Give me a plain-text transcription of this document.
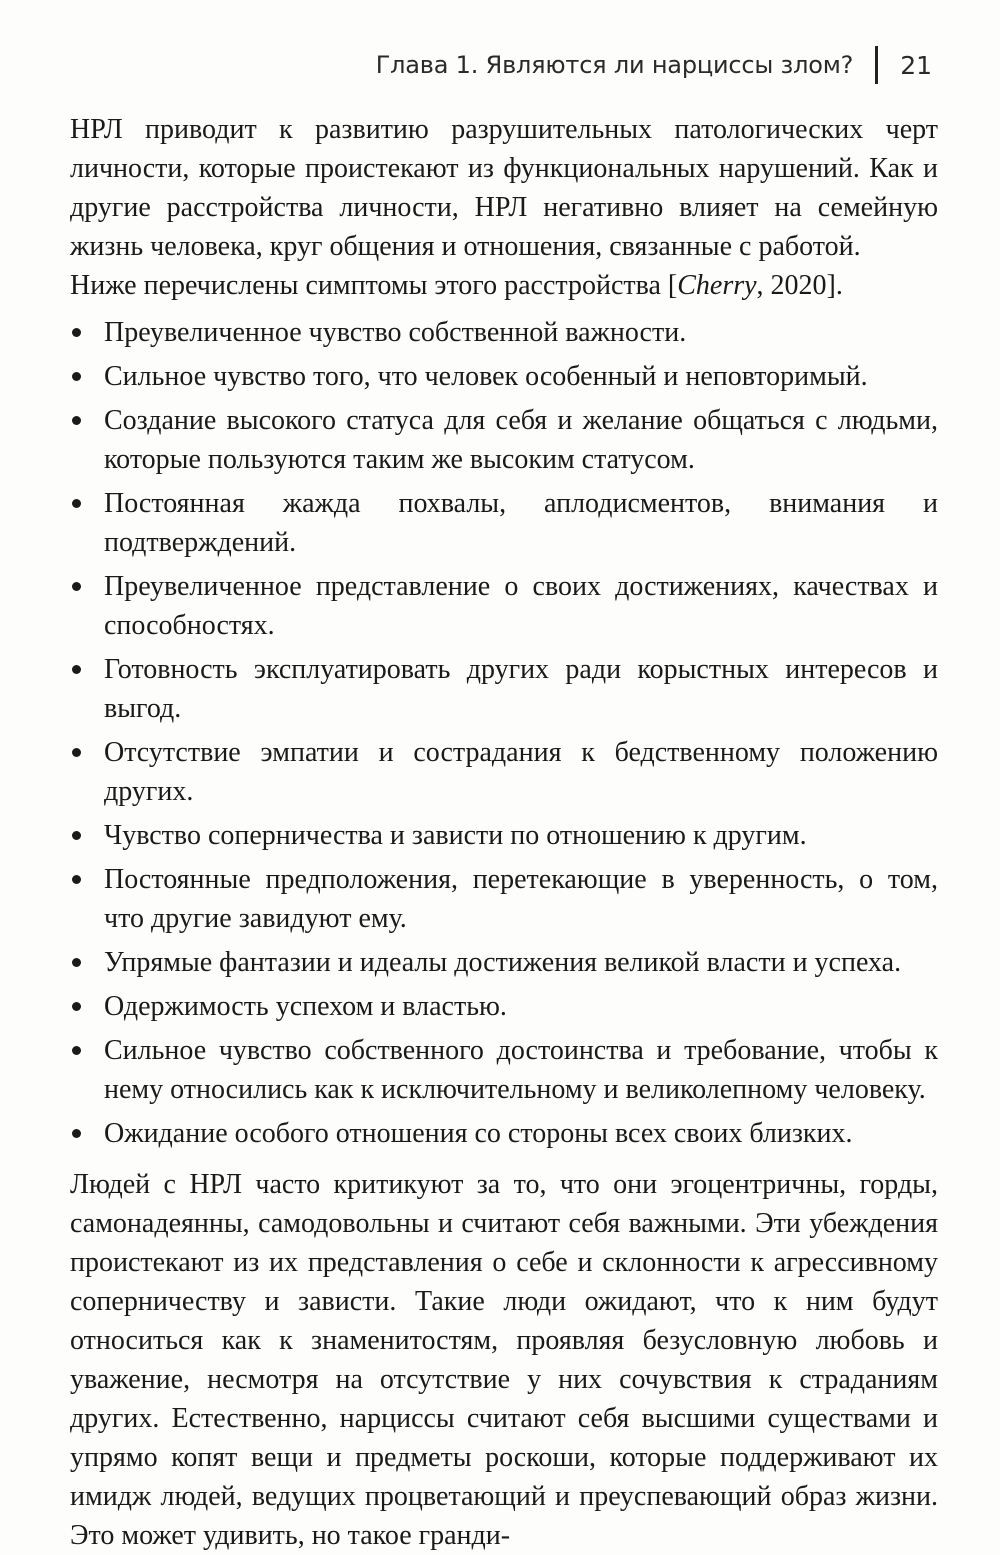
Глава 1. Являются ли нарциссы злом? 21

НРЛ приводит к развитию разрушительных патологических черт личности, которые проистекают из функциональных нарушений. Как и другие расстройства личности, НРЛ негативно влияет на семейную жизнь человека, круг общения и отношения, связанные с работой.

Ниже перечислены симптомы этого расстройства [Cherry, 2020].

Преувеличенное чувство собственной важности.
Сильное чувство того, что человек особенный и неповторимый.
Создание высокого статуса для себя и желание общаться с людьми, которые пользуются таким же высоким статусом.
Постоянная жажда похвалы, аплодисментов, внимания и подтверждений.
Преувеличенное представление о своих достижениях, качествах и способностях.
Готовность эксплуатировать других ради корыстных интересов и выгод.
Отсутствие эмпатии и сострадания к бедственному положению других.
Чувство соперничества и зависти по отношению к другим.
Постоянные предположения, перетекающие в уверенность, о том, что другие завидуют ему.
Упрямые фантазии и идеалы достижения великой власти и успеха.
Одержимость успехом и властью.
Сильное чувство собственного достоинства и требование, чтобы к нему относились как к исключительному и великолепному человеку.
Ожидание особого отношения со стороны всех своих близких.

Людей с НРЛ часто критикуют за то, что они эгоцентричны, горды, самонадеянны, самодовольны и считают себя важными. Эти убеждения проистекают из их представления о себе и склонности к агрессивному соперничеству и зависти. Такие люди ожидают, что к ним будут относиться как к знаменитостям, проявляя безусловную любовь и уважение, несмотря на отсутствие у них сочувствия к страданиям других. Естественно, нарциссы считают себя высшими существами и упрямо копят вещи и предметы роскоши, которые поддерживают их имидж людей, ведущих процветающий и преуспевающий образ жизни. Это может удивить, но такое гранди-
